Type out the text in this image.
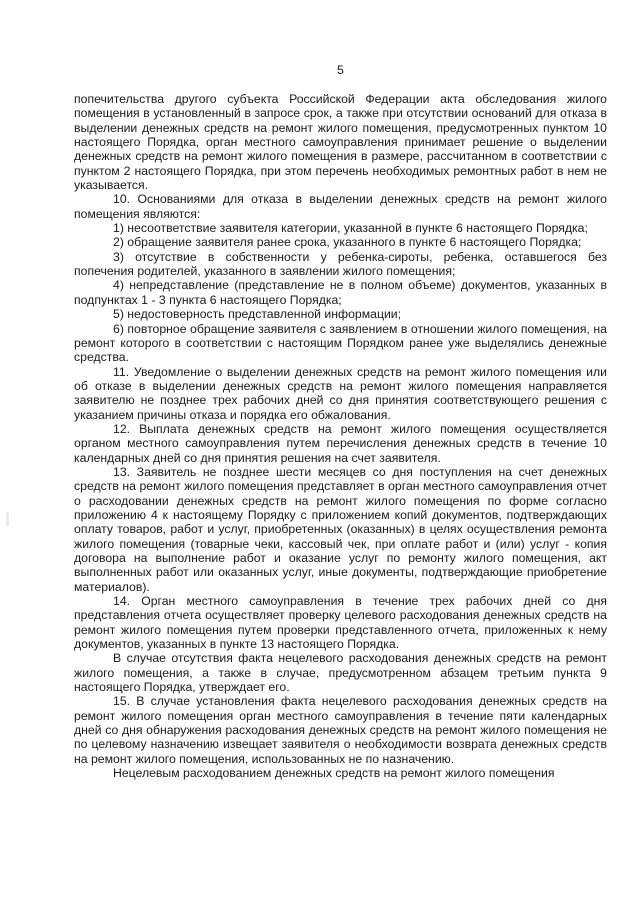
5

попечительства другого субъекта Российской Федерации акта обследования жилого помещения в установленный в запросе срок, а также при отсутствии оснований для отказа в выделении денежных средств на ремонт жилого помещения, предусмотренных пунктом 10 настоящего Порядка, орган местного самоуправления принимает решение о выделении денежных средств на ремонт жилого помещения в размере, рассчитанном в соответствии с пунктом 2 настоящего Порядка, при этом перечень необходимых ремонтных работ в нем не указывается.

10. Основаниями для отказа в выделении денежных средств на ремонт жилого помещения являются:

1) несоответствие заявителя категории, указанной в пункте 6 настоящего Порядка;

2) обращение заявителя ранее срока, указанного в пункте 6 настоящего Порядка;

3) отсутствие в собственности у ребенка-сироты, ребенка, оставшегося без попечения родителей, указанного в заявлении жилого помещения;

4) непредставление (представление не в полном объеме) документов, указанных в подпунктах 1 - 3 пункта 6 настоящего Порядка;

5) недостоверность представленной информации;

6) повторное обращение заявителя с заявлением в отношении жилого помещения, на ремонт которого в соответствии с настоящим Порядком ранее уже выделялись денежные средства.

11. Уведомление о выделении денежных средств на ремонт жилого помещения или об отказе в выделении денежных средств на ремонт жилого помещения направляется заявителю не позднее трех рабочих дней со дня принятия соответствующего решения с указанием причины отказа и порядка его обжалования.

12. Выплата денежных средств на ремонт жилого помещения осуществляется органом местного самоуправления путем перечисления денежных средств в течение 10 календарных дней со дня принятия решения на счет заявителя.

13. Заявитель не позднее шести месяцев со дня поступления на счет денежных средств на ремонт жилого помещения представляет в орган местного самоуправления отчет о расходовании денежных средств на ремонт жилого помещения по форме согласно приложению 4 к настоящему Порядку с приложением копий документов, подтверждающих оплату товаров, работ и услуг, приобретенных (оказанных) в целях осуществления ремонта жилого помещения (товарные чеки, кассовый чек, при оплате работ и (или) услуг - копия договора на выполнение работ и оказание услуг по ремонту жилого помещения, акт выполненных работ или оказанных услуг, иные документы, подтверждающие приобретение материалов).

14. Орган местного самоуправления в течение трех рабочих дней со дня представления отчета осуществляет проверку целевого расходования денежных средств на ремонт жилого помещения путем проверки представленного отчета, приложенных к нему документов, указанных в пункте 13 настоящего Порядка.

В случае отсутствия факта нецелевого расходования денежных средств на ремонт жилого помещения, а также в случае, предусмотренном абзацем третьим пункта 9 настоящего Порядка, утверждает его.

15. В случае установления факта нецелевого расходования денежных средств на ремонт жилого помещения орган местного самоуправления в течение пяти календарных дней со дня обнаружения расходования денежных средств на ремонт жилого помещения не по целевому назначению извещает заявителя о необходимости возврата денежных средств на ремонт жилого помещения, использованных не по назначению.

Нецелевым расходованием денежных средств на ремонт жилого помещения
